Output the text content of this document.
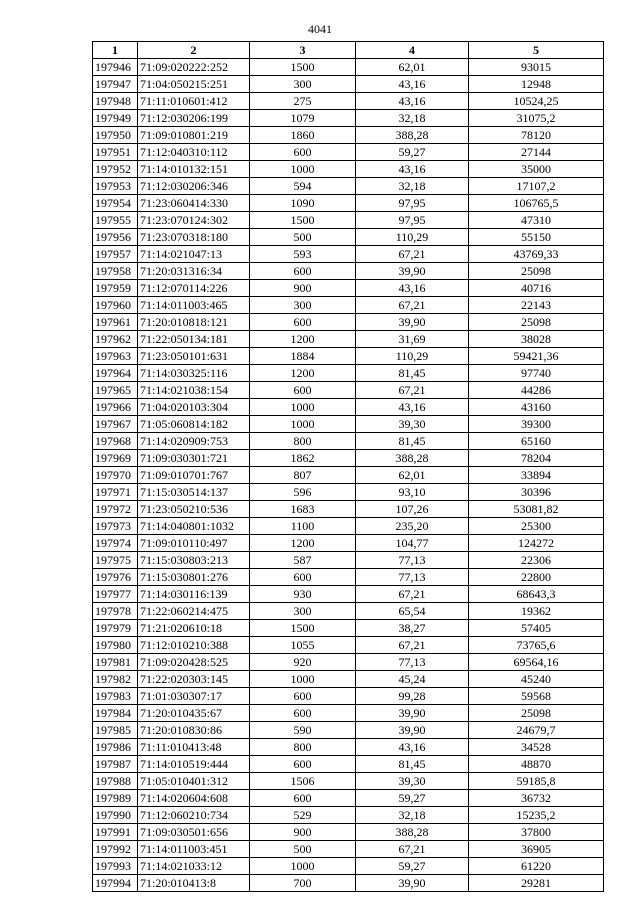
4041
1	2	3	4	5
197946	71:09:020222:252	1500	62,01	93015
197947	71:04:050215:251	300	43,16	12948
197948	71:11:010601:412	275	43,16	10524,25
197949	71:12:030206:199	1079	32,18	31075,2
197950	71:09:010801:219	1860	388,28	78120
197951	71:12:040310:112	600	59,27	27144
197952	71:14:010132:151	1000	43,16	35000
197953	71:12:030206:346	594	32,18	17107,2
197954	71:23:060414:330	1090	97,95	106765,5
197955	71:23:070124:302	1500	97,95	47310
197956	71:23:070318:180	500	110,29	55150
197957	71:14:021047:13	593	67,21	43769,33
197958	71:20:031316:34	600	39,90	25098
197959	71:12:070114:226	900	43,16	40716
197960	71:14:011003:465	300	67,21	22143
197961	71:20:010818:121	600	39,90	25098
197962	71:22:050134:181	1200	31,69	38028
197963	71:23:050101:631	1884	110,29	59421,36
197964	71:14:030325:116	1200	81,45	97740
197965	71:14:021038:154	600	67,21	44286
197966	71:04:020103:304	1000	43,16	43160
197967	71:05:060814:182	1000	39,30	39300
197968	71:14:020909:753	800	81,45	65160
197969	71:09:030301:721	1862	388,28	78204
197970	71:09:010701:767	807	62,01	33894
197971	71:15:030514:137	596	93,10	30396
197972	71:23:050210:536	1683	107,26	53081,82
197973	71:14:040801:1032	1100	235,20	25300
197974	71:09:010110:497	1200	104,77	124272
197975	71:15:030803:213	587	77,13	22306
197976	71:15:030801:276	600	77,13	22800
197977	71:14:030116:139	930	67,21	68643,3
197978	71:22:060214:475	300	65,54	19362
197979	71:21:020610:18	1500	38,27	57405
197980	71:12:010210:388	1055	67,21	73765,6
197981	71:09:020428:525	920	77,13	69564,16
197982	71:22:020303:145	1000	45,24	45240
197983	71:01:030307:17	600	99,28	59568
197984	71:20:010435:67	600	39,90	25098
197985	71:20:010830:86	590	39,90	24679,7
197986	71:11:010413:48	800	43,16	34528
197987	71:14:010519:444	600	81,45	48870
197988	71:05:010401:312	1506	39,30	59185,8
197989	71:14:020604:608	600	59,27	36732
197990	71:12:060210:734	529	32,18	15235,2
197991	71:09:030501:656	900	388,28	37800
197992	71:14:011003:451	500	67,21	36905
197993	71:14:021033:12	1000	59,27	61220
197994	71:20:010413:8	700	39,90	29281
